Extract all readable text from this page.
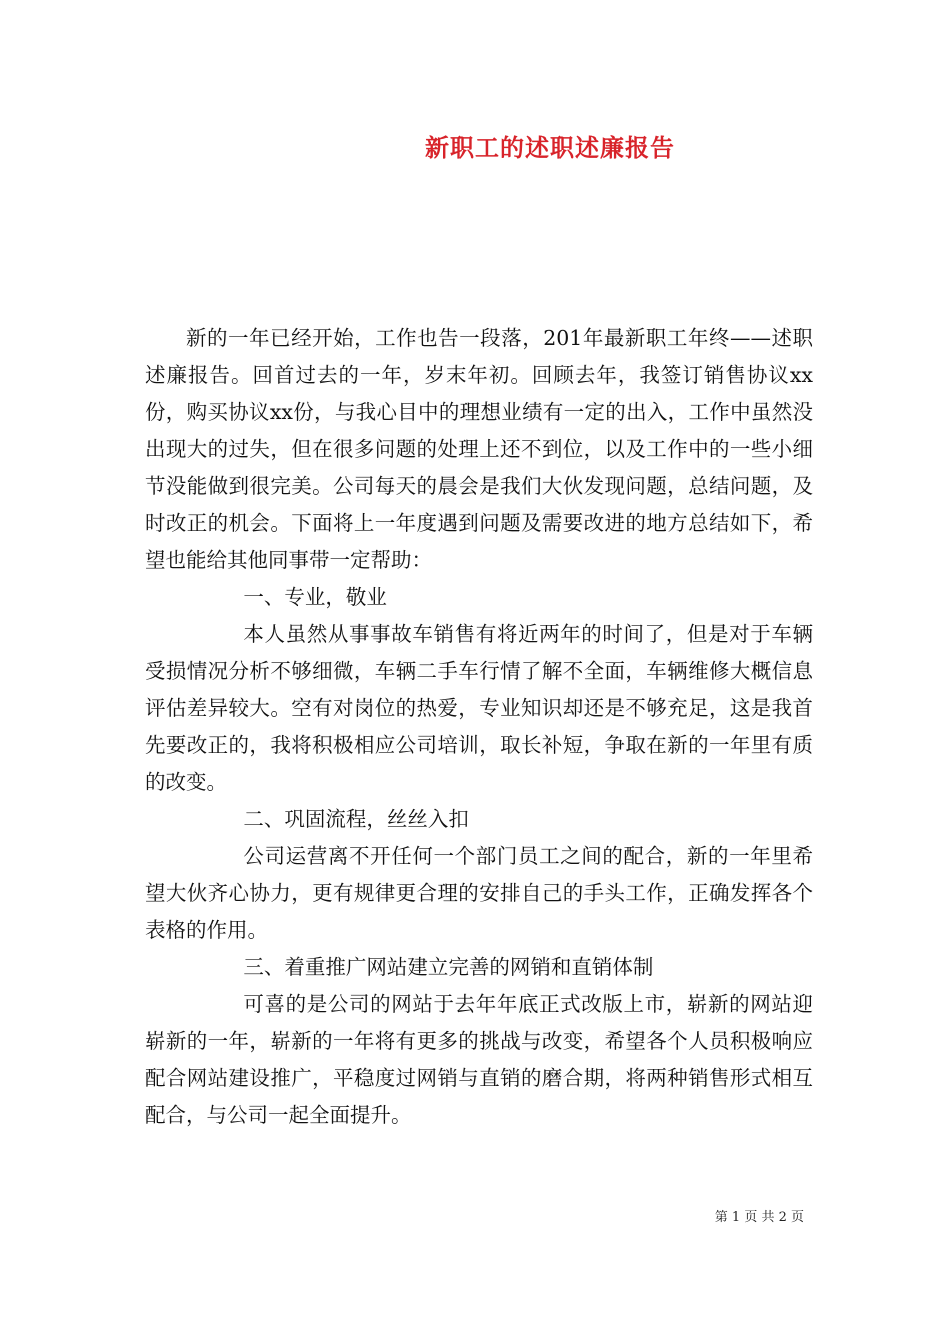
新职工的述职述廉报告

新的一年已经开始，工作也告一段落，201年最新职工年终——述职述廉报告。回首过去的一年，岁末年初。回顾去年，我签订销售协议xx份，购买协议xx份，与我心目中的理想业绩有一定的出入，工作中虽然没出现大的过失，但在很多问题的处理上还不到位，以及工作中的一些小细节没能做到很完美。公司每天的晨会是我们大伙发现问题，总结问题，及时改正的机会。下面将上一年度遇到问题及需要改进的地方总结如下，希望也能给其他同事带一定帮助：

一、专业，敬业

本人虽然从事事故车销售有将近两年的时间了，但是对于车辆受损情况分析不够细微，车辆二手车行情了解不全面，车辆维修大概信息评估差异较大。空有对岗位的热爱，专业知识却还是不够充足，这是我首先要改正的，我将积极相应公司培训，取长补短，争取在新的一年里有质的改变。

二、巩固流程，丝丝入扣

公司运营离不开任何一个部门员工之间的配合，新的一年里希望大伙齐心协力，更有规律更合理的安排自己的手头工作，正确发挥各个表格的作用。

三、着重推广网站建立完善的网销和直销体制

可喜的是公司的网站于去年年底正式改版上市，崭新的网站迎崭新的一年，崭新的一年将有更多的挑战与改变，希望各个人员积极响应配合网站建设推广，平稳度过网销与直销的磨合期，将两种销售形式相互配合，与公司一起全面提升。

第 1 页 共 2 页
